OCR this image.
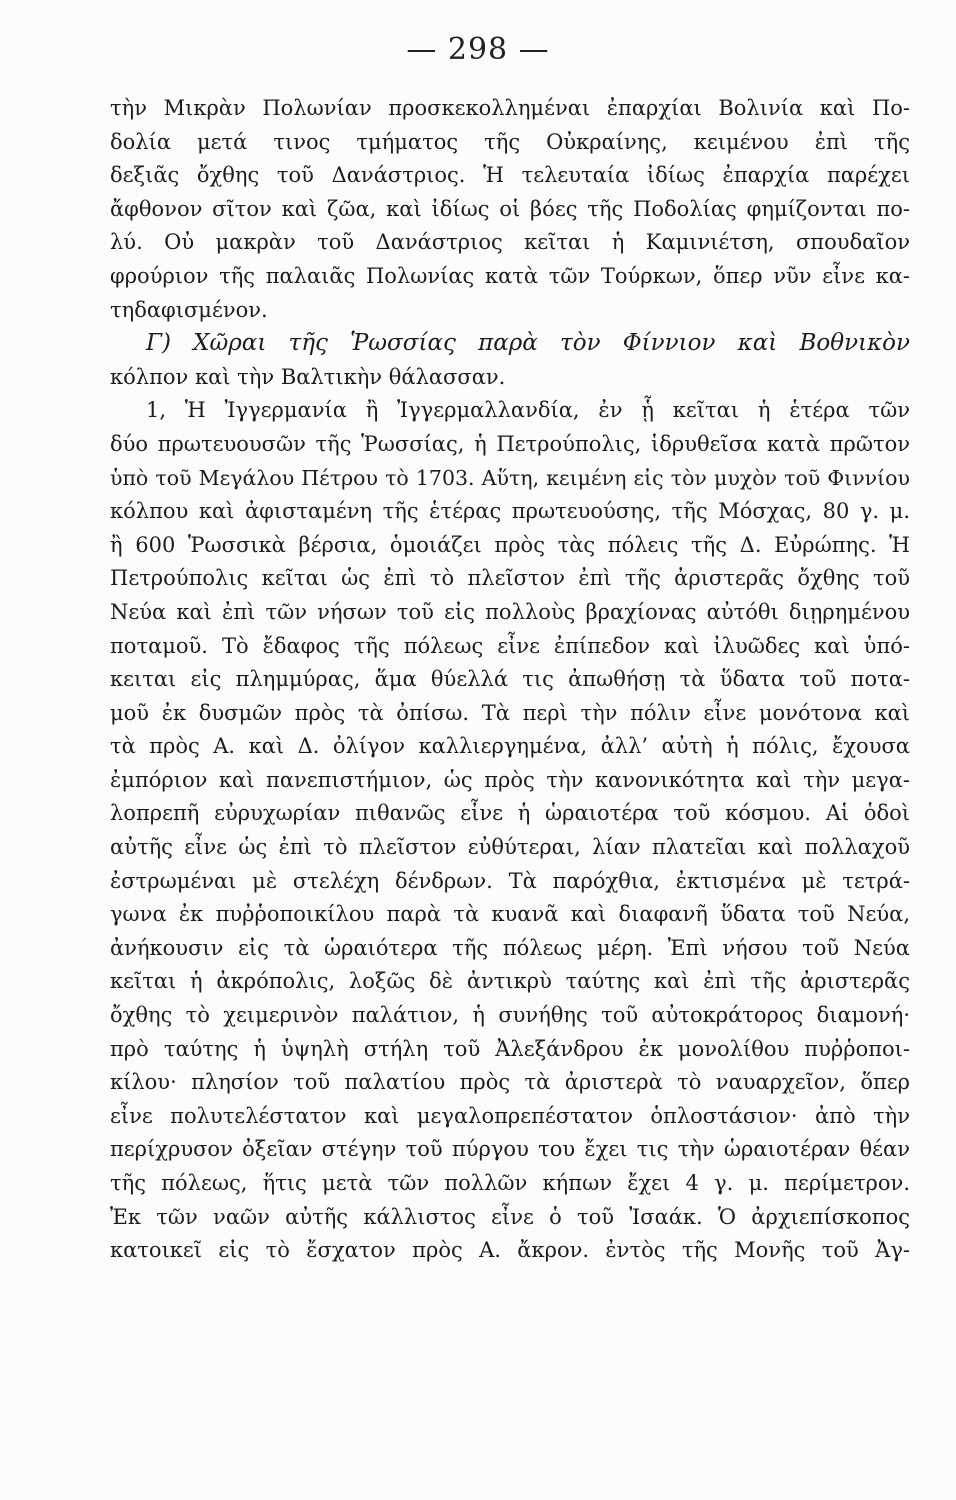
— 298 —
τὴν Μικρὰν Πολωνίαν προσκεκολλημέναι ἐπαρχίαι Βολινία καὶ Πο-
δολία μετά τινος τμήματος τῆς Οὐκραίνης, κειμένου ἐπὶ τῆς
δεξιᾶς ὄχθης τοῦ Δανάστριος. Ἡ τελευταία ἰδίως ἐπαρχία παρέχει
ἄφθονον σῖτον καὶ ζῶα, καὶ ἰδίως οἱ βόες τῆς Ποδολίας φημίζονται πο-
λύ. Οὐ μακρὰν τοῦ Δανάστριος κεῖται ἡ Καμινιέτση, σπουδαῖον
φρούριον τῆς παλαιᾶς Πολωνίας κατὰ τῶν Τούρκων, ὅπερ νῦν εἶνε κα-
τηδαφισμένον.
Γ) Χῶραι τῆς Ῥωσσίας παρὰ τὸν Φίννιον καὶ Βοθνικὸν
κόλπον καὶ τὴν Βαλτικὴν θάλασσαν.
1, Ἡ Ἰγγερμανία ἢ Ἰγγερμαλλανδία, ἐν ᾗ κεῖται ἡ ἑτέρα τῶν
δύο πρωτευουσῶν τῆς Ῥωσσίας, ἡ Πετρούπολις, ἱδρυθεῖσα κατὰ πρῶτον
ὑπὸ τοῦ Μεγάλου Πέτρου τὸ 1703. Αὕτη, κειμένη εἰς τὸν μυχὸν τοῦ Φιννίου
κόλπου καὶ ἀφισταμένη τῆς ἑτέρας πρωτευούσης, τῆς Μόσχας, 80 γ. μ.
ἢ 600 Ῥωσσικὰ βέρσια, ὁμοιάζει πρὸς τὰς πόλεις τῆς Δ. Εὐρώπης. Ἡ
Πετρούπολις κεῖται ὡς ἐπὶ τὸ πλεῖστον ἐπὶ τῆς ἀριστερᾶς ὄχθης τοῦ
Νεύα καὶ ἐπὶ τῶν νήσων τοῦ εἰς πολλοὺς βραχίονας αὐτόθι διῃρημένου
ποταμοῦ. Τὸ ἔδαφος τῆς πόλεως εἶνε ἐπίπεδον καὶ ἰλυῶδες καὶ ὑπό-
κειται εἰς πλημμύρας, ἅμα θύελλά τις ἀπωθήσῃ τὰ ὕδατα τοῦ ποτα-
μοῦ ἐκ δυσμῶν πρὸς τὰ ὀπίσω. Τὰ περὶ τὴν πόλιν εἶνε μονότονα καὶ
τὰ πρὸς Α. καὶ Δ. ὀλίγον καλλιεργημένα, ἀλλ’ αὐτὴ ἡ πόλις, ἔχουσα
ἐμπόριον καὶ πανεπιστήμιον, ὡς πρὸς τὴν κανονικότητα καὶ τὴν μεγα-
λοπρεπῆ εὐρυχωρίαν πιθανῶς εἶνε ἡ ὡραιοτέρα τοῦ κόσμου. Αἱ ὁδοὶ
αὐτῆς εἶνε ὡς ἐπὶ τὸ πλεῖστον εὐθύτεραι, λίαν πλατεῖαι καὶ πολλαχοῦ
ἐστρωμέναι μὲ στελέχη δένδρων. Τὰ παρόχθια, ἐκτισμένα μὲ τετρά-
γωνα ἐκ πυῤῥοποικίλου παρὰ τὰ κυανᾶ καὶ διαφανῆ ὕδατα τοῦ Νεύα,
ἀνήκουσιν εἰς τὰ ὡραιότερα τῆς πόλεως μέρη. Ἐπὶ νήσου τοῦ Νεύα
κεῖται ἡ ἀκρόπολις, λοξῶς δὲ ἀντικρὺ ταύτης καὶ ἐπὶ τῆς ἀριστερᾶς
ὄχθης τὸ χειμερινὸν παλάτιον, ἡ συνήθης τοῦ αὐτοκράτορος διαμονή·
πρὸ ταύτης ἡ ὑψηλὴ στήλη τοῦ Ἀλεξάνδρου ἐκ μονολίθου πυῤῥοποι-
κίλου· πλησίον τοῦ παλατίου πρὸς τὰ ἀριστερὰ τὸ ναυαρχεῖον, ὅπερ
εἶνε πολυτελέστατον καὶ μεγαλοπρεπέστατον ὁπλοστάσιον· ἀπὸ τὴν
περίχρυσον ὀξεῖαν στέγην τοῦ πύργου του ἔχει τις τὴν ὡραιοτέραν θέαν
τῆς πόλεως, ἥτις μετὰ τῶν πολλῶν κήπων ἔχει 4 γ. μ. περίμετρον.
Ἐκ τῶν ναῶν αὐτῆς κάλλιστος εἶνε ὁ τοῦ Ἰσαάκ. Ὁ ἀρχιεπίσκοπος
κατοικεῖ εἰς τὸ ἔσχατον πρὸς Α. ἄκρον. ἐντὸς τῆς Μονῆς τοῦ Ἀγ-
